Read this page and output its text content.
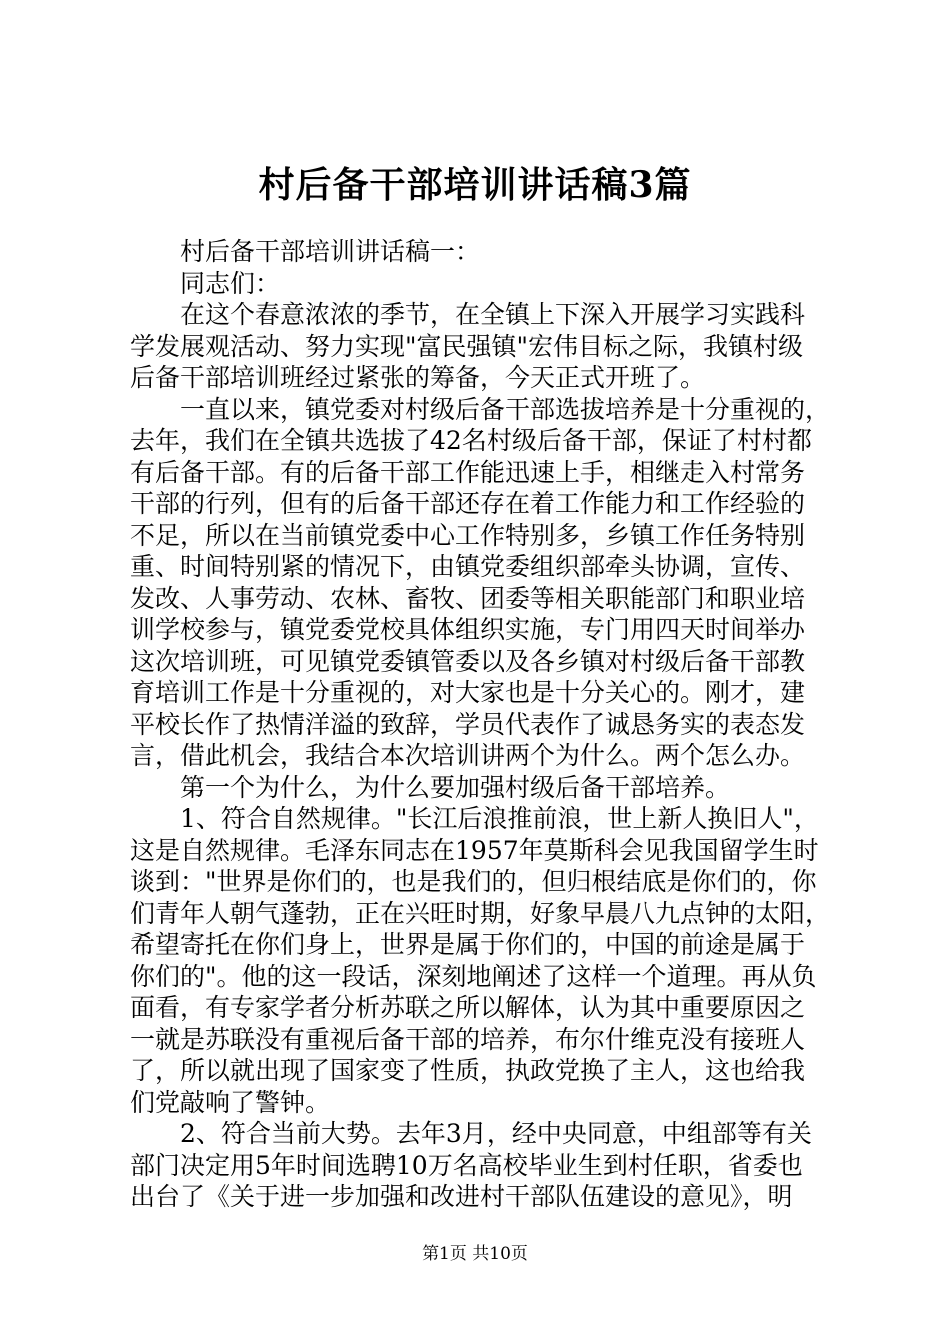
村后备干部培训讲话稿3篇
村后备干部培训讲话稿一：
同志们：
在这个春意浓浓的季节，在全镇上下深入开展学习实践科
学发展观活动、努力实现"富民强镇"宏伟目标之际，我镇村级
后备干部培训班经过紧张的筹备，今天正式开班了。
一直以来，镇党委对村级后备干部选拔培养是十分重视的，
去年，我们在全镇共选拔了42名村级后备干部，保证了村村都
有后备干部。有的后备干部工作能迅速上手，相继走入村常务
干部的行列，但有的后备干部还存在着工作能力和工作经验的
不足，所以在当前镇党委中心工作特别多，乡镇工作任务特别
重、时间特别紧的情况下，由镇党委组织部牵头协调，宣传、
发改、人事劳动、农林、畜牧、团委等相关职能部门和职业培
训学校参与，镇党委党校具体组织实施，专门用四天时间举办
这次培训班，可见镇党委镇管委以及各乡镇对村级后备干部教
育培训工作是十分重视的，对大家也是十分关心的。刚才，建
平校长作了热情洋溢的致辞，学员代表作了诚恳务实的表态发
言，借此机会，我结合本次培训讲两个为什么。两个怎么办。
第一个为什么，为什么要加强村级后备干部培养。
1、符合自然规律。"长江后浪推前浪，世上新人换旧人"，
这是自然规律。毛泽东同志在1957年莫斯科会见我国留学生时
谈到："世界是你们的，也是我们的，但归根结底是你们的，你
们青年人朝气蓬勃，正在兴旺时期，好象早晨八九点钟的太阳，
希望寄托在你们身上，世界是属于你们的，中国的前途是属于
你们的"。他的这一段话，深刻地阐述了这样一个道理。再从负
面看，有专家学者分析苏联之所以解体，认为其中重要原因之
一就是苏联没有重视后备干部的培养，布尔什维克没有接班人
了，所以就出现了国家变了性质，执政党换了主人，这也给我
们党敲响了警钟。
2、符合当前大势。去年3月，经中央同意，中组部等有关
部门决定用5年时间选聘10万名高校毕业生到村任职，省委也
出台了《关于进一步加强和改进村干部队伍建设的意见》，明
第1页 共10页
